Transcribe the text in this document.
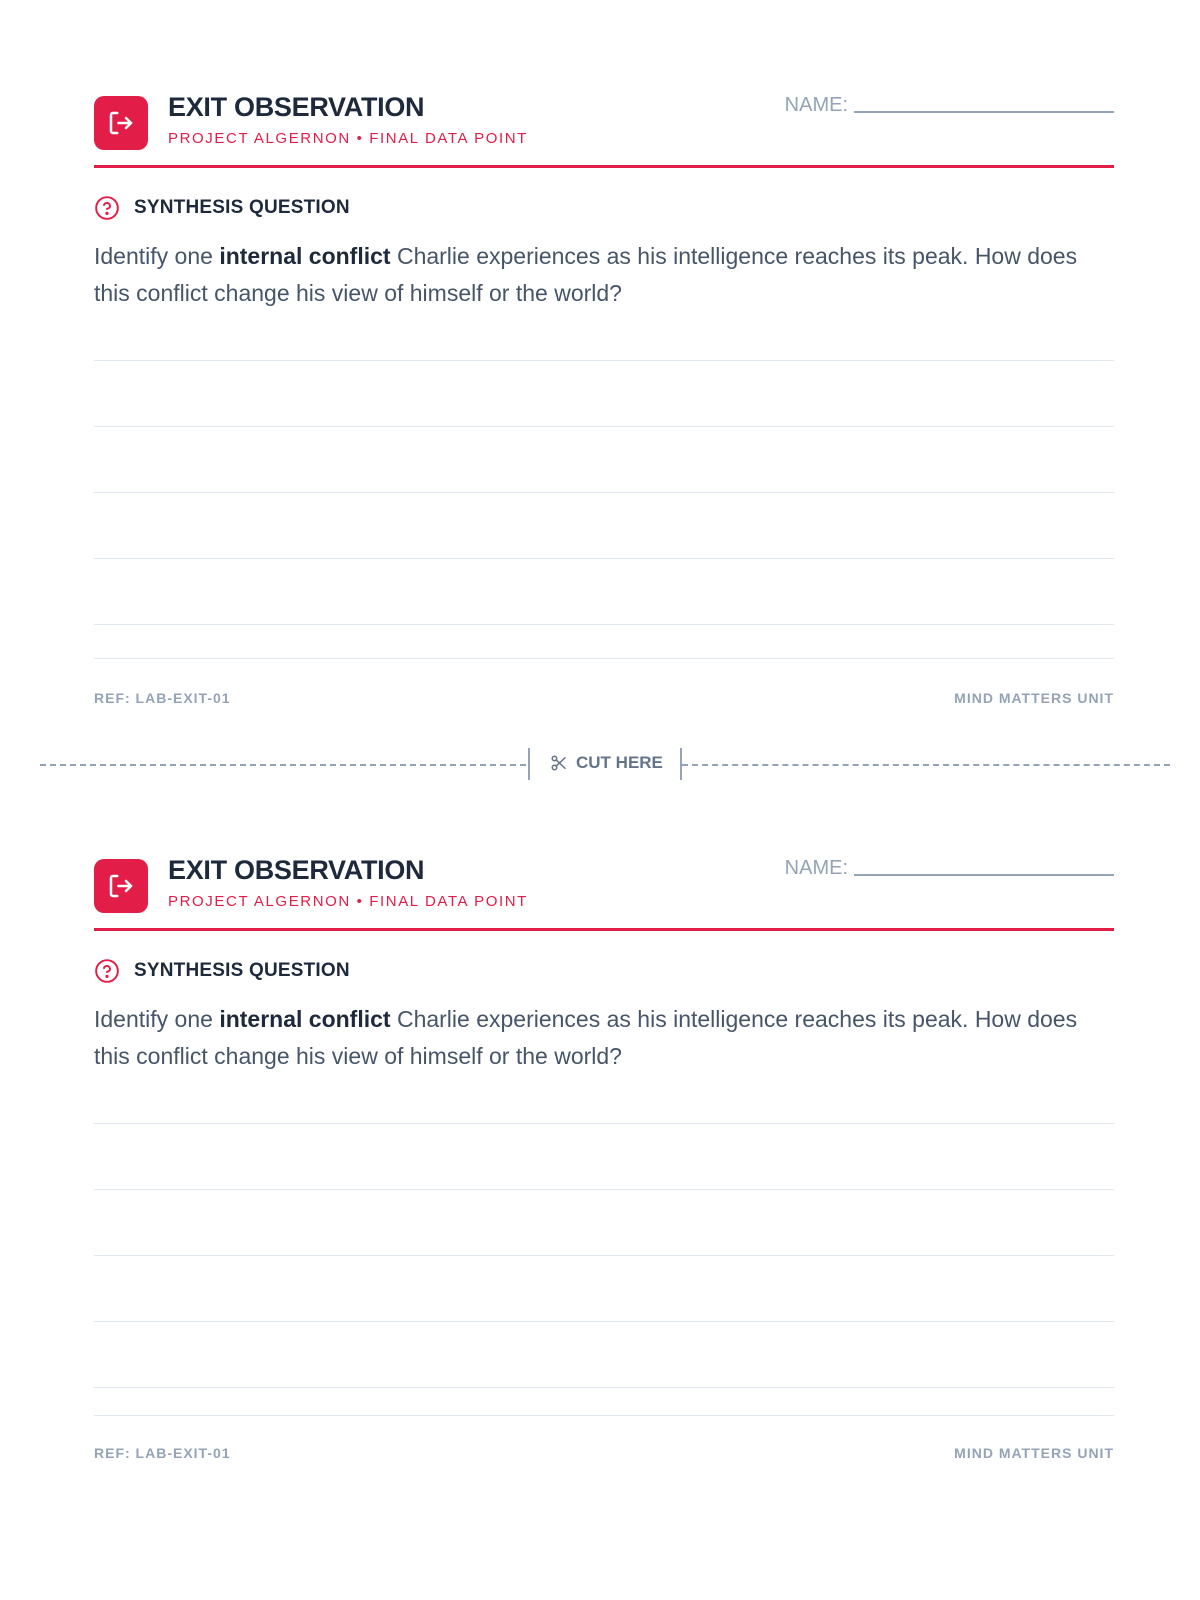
EXIT OBSERVATION
PROJECT ALGERNON • FINAL DATA POINT
NAME:
SYNTHESIS QUESTION

Identify one internal conflict Charlie experiences as his intelligence reaches its peak. How does this conflict change his view of himself or the world?

REF: LAB-EXIT-01	MIND MATTERS UNIT
CUT HERE
EXIT OBSERVATION
PROJECT ALGERNON • FINAL DATA POINT
NAME:
SYNTHESIS QUESTION

Identify one internal conflict Charlie experiences as his intelligence reaches its peak. How does this conflict change his view of himself or the world?

MIND MATTERS UNIT
REF: LAB-EXIT-01
